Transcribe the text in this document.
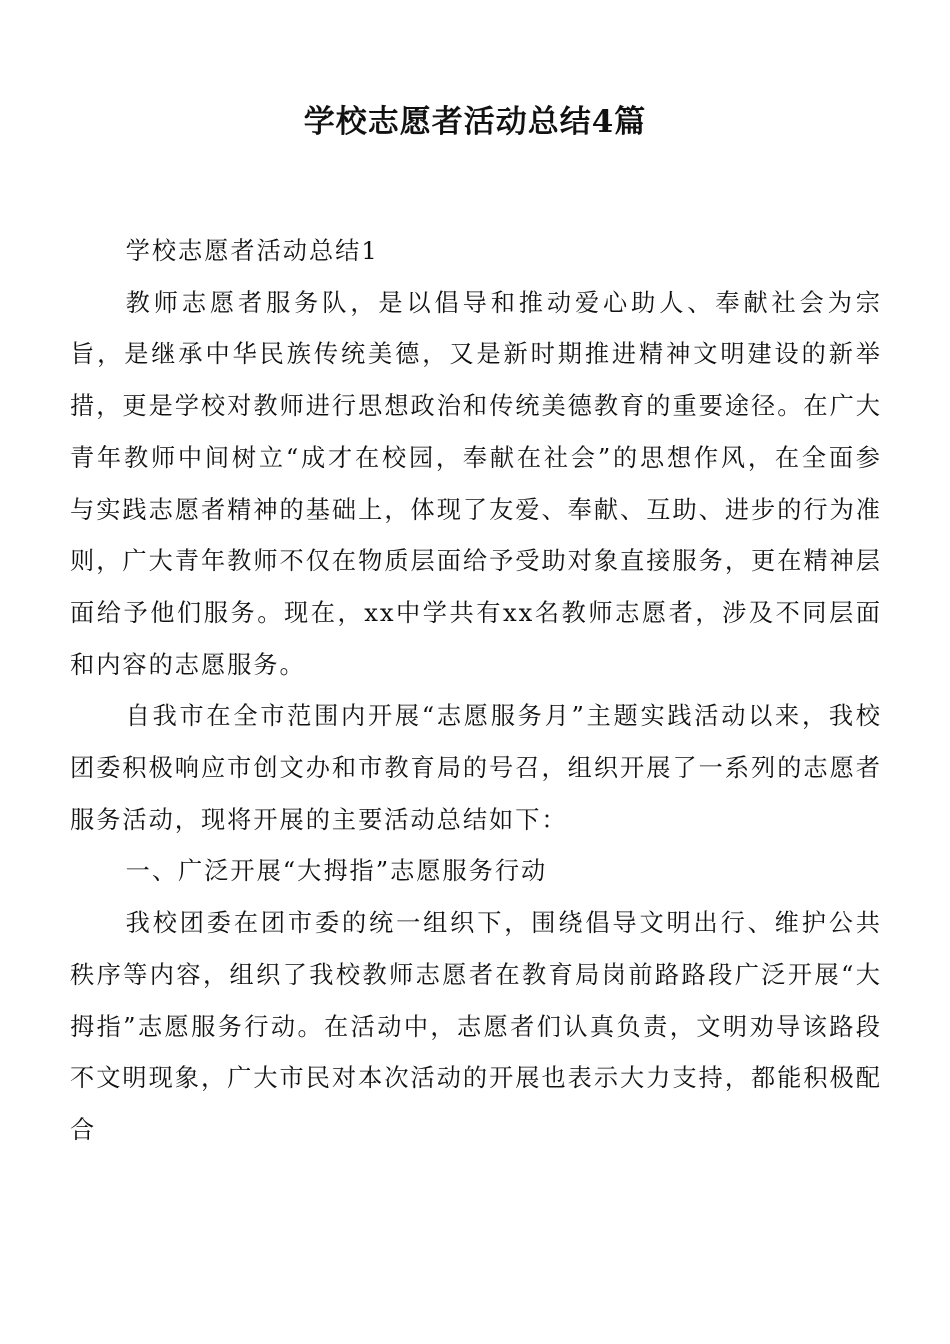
学校志愿者活动总结4篇

学校志愿者活动总结1

教师志愿者服务队，是以倡导和推动爱心助人、奉献社会为宗旨，是继承中华民族传统美德，又是新时期推进精神文明建设的新举措，更是学校对教师进行思想政治和传统美德教育的重要途径。在广大青年教师中间树立“成才在校园，奉献在社会”的思想作风，在全面参与实践志愿者精神的基础上，体现了友爱、奉献、互助、进步的行为准则，广大青年教师不仅在物质层面给予受助对象直接服务，更在精神层面给予他们服务。现在，xx中学共有xx名教师志愿者，涉及不同层面和内容的志愿服务。

自我市在全市范围内开展“志愿服务月”主题实践活动以来，我校团委积极响应市创文办和市教育局的号召，组织开展了一系列的志愿者服务活动，现将开展的主要活动总结如下：

一、广泛开展“大拇指”志愿服务行动

我校团委在团市委的统一组织下，围绕倡导文明出行、维护公共秩序等内容，组织了我校教师志愿者在教育局岗前路路段广泛开展“大拇指”志愿服务行动。在活动中，志愿者们认真负责，文明劝导该路段不文明现象，广大市民对本次活动的开展也表示大力支持，都能积极配合
